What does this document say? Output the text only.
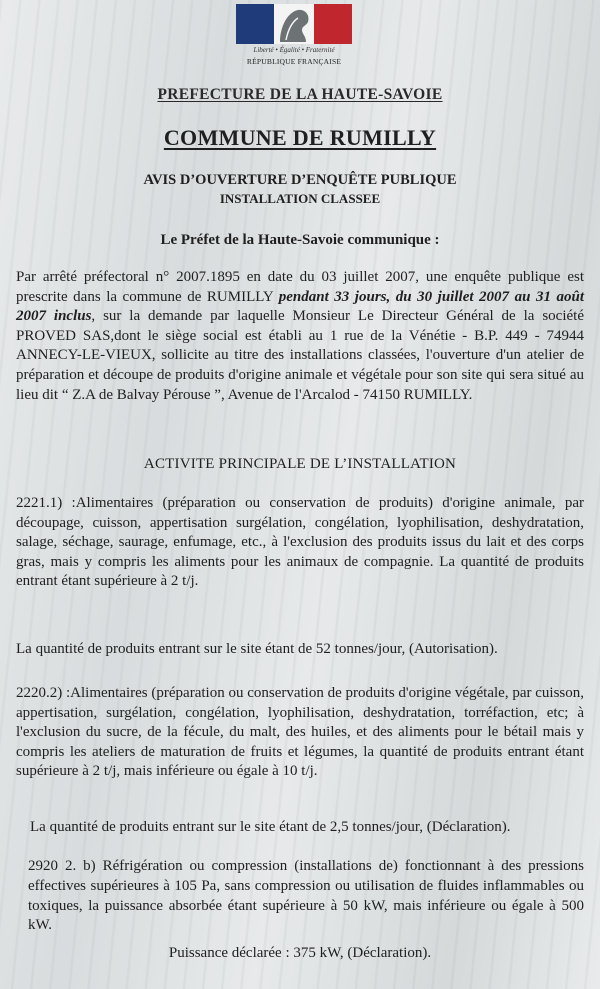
Liberté • Égalité • Fraternité
RÉPUBLIQUE FRANÇAISE
PREFECTURE DE LA HAUTE-SAVOIE
COMMUNE DE RUMILLY
AVIS D’OUVERTURE D’ENQUÊTE PUBLIQUE
INSTALLATION CLASSEE
Le Préfet de la Haute-Savoie communique :
Par arrêté préfectoral n° 2007.1895 en date du 03 juillet 2007, une enquête publique est prescrite dans la commune de RUMILLY pendant 33 jours, du 30 juillet 2007 au 31 août 2007 inclus, sur la demande par laquelle Monsieur Le Directeur Général de la société PROVED SAS,dont le siège social est établi au 1 rue de la Vénétie - B.P. 449 - 74944 ANNECY-LE-VIEUX, sollicite au titre des installations classées, l'ouverture d'un atelier de préparation et découpe de produits d'origine animale et végétale pour son site qui sera situé au lieu dit “ Z.A de Balvay Pérouse ”, Avenue de l'Arcalod - 74150 RUMILLY.
ACTIVITE PRINCIPALE DE L’INSTALLATION
2221.1) :Alimentaires (préparation ou conservation de produits) d'origine animale, par découpage, cuisson, appertisation surgélation, congélation, lyophilisation, deshydratation, salage, séchage, saurage, enfumage, etc., à l'exclusion des produits issus du lait et des corps gras, mais y compris les aliments pour les animaux de compagnie. La quantité de produits entrant étant supérieure à 2 t/j.
La quantité de produits entrant sur le site étant de 52 tonnes/jour, (Autorisation).
2220.2) :Alimentaires (préparation ou conservation de produits d'origine végétale, par cuisson, appertisation, surgélation, congélation, lyophilisation, deshydratation, torréfaction, etc; à l'exclusion du sucre, de la fécule, du malt, des huiles, et des aliments pour le bétail mais y compris les ateliers de maturation de fruits et légumes, la quantité de produits entrant étant supérieure à 2 t/j, mais inférieure ou égale à 10 t/j.
La quantité de produits entrant sur le site étant de 2,5 tonnes/jour, (Déclaration).
2920 2. b) Réfrigération ou compression (installations de) fonctionnant à des pressions effectives supérieures à 105 Pa, sans compression ou utilisation de fluides inflammables ou toxiques, la puissance absorbée étant supérieure à 50 kW, mais inférieure ou égale à 500 kW.
Puissance déclarée : 375 kW, (Déclaration).
